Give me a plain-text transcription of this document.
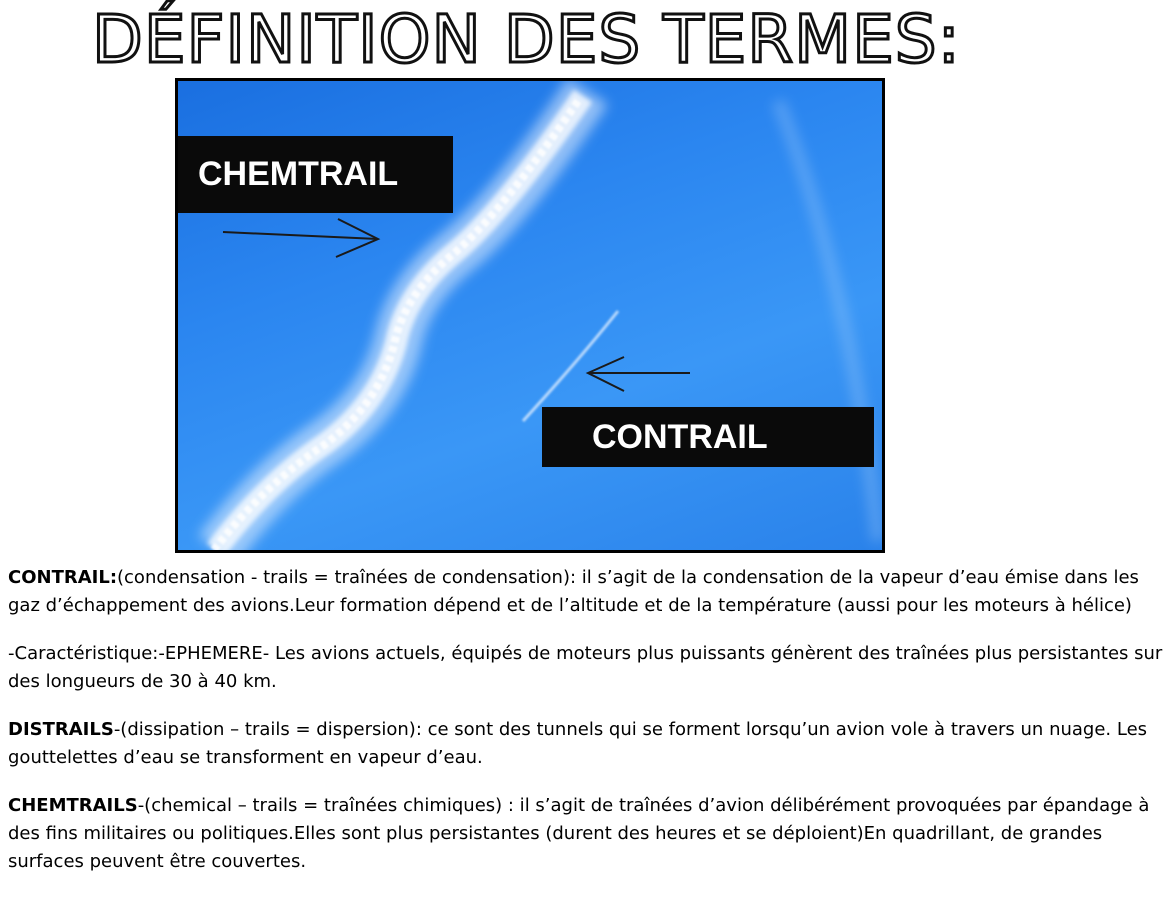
DÉFINITION DES TERMES:
CHEMTRAIL
CONTRAIL

CONTRAIL:(condensation - trails = traînées de condensation): il s’agit de la condensation de la vapeur d’eau émise dans les gaz d’échappement des avions.Leur formation dépend et de l’altitude et de la température (aussi pour les moteurs à hélice)

-Caractéristique:-EPHEMERE- Les avions actuels, équipés de moteurs plus puissants génèrent des traînées plus persistantes sur des longueurs de 30 à 40 km.

DISTRAILS-(dissipation – trails = dispersion): ce sont des tunnels qui se forment lorsqu’un avion vole à travers un nuage. Les gouttelettes d’eau se transforment en vapeur d’eau.

CHEMTRAILS-(chemical – trails = traînées chimiques) : il s’agit de traînées d’avion délibérément provoquées par épandage à des fins militaires ou politiques.Elles sont plus persistantes (durent des heures et se déploient)En quadrillant, de grandes surfaces peuvent être couvertes.
